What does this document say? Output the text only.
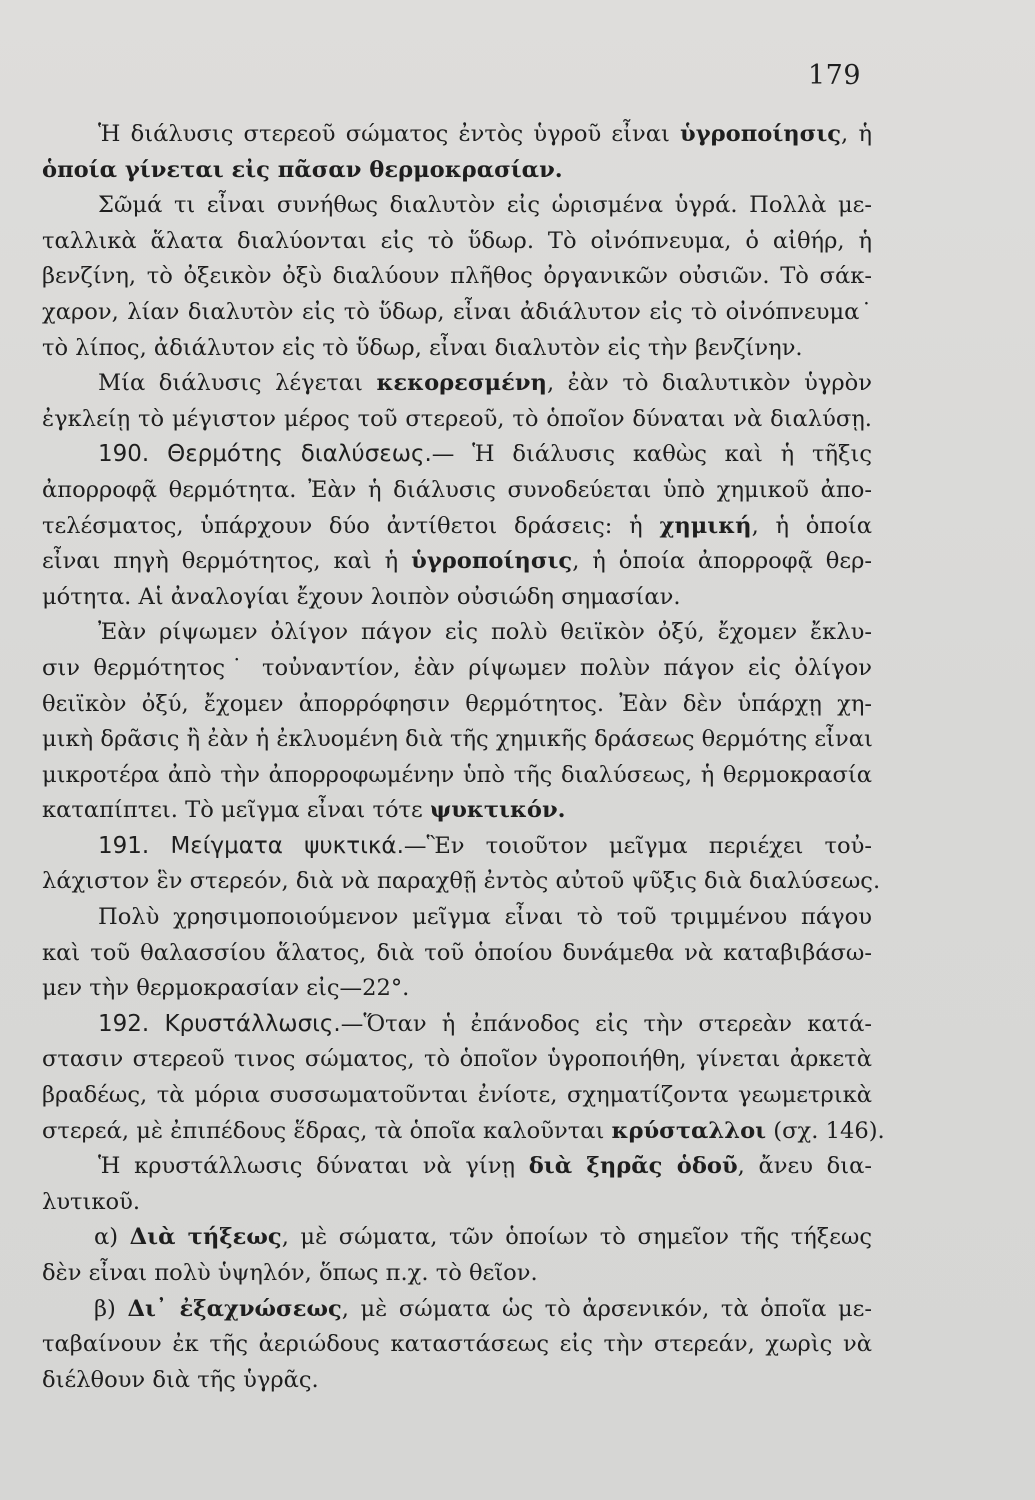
179
Ἡ διάλυσις στερεοῦ σώματος ἐντὸς ὑγροῦ εἶναι ὑγροποίησις, ἡ
ὁποία γίνεται εἰς πᾶσαν θερμοκρασίαν.
Σῶμά τι εἶναι συνήθως διαλυτὸν εἰς ὡρισμένα ὑγρά. Πολλὰ με-
ταλλικὰ ἅλατα διαλύονται εἰς τὸ ὕδωρ. Τὸ οἰνόπνευμα, ὁ αἰθήρ, ἡ
βενζίνη, τὸ ὀξεικὸν ὀξὺ διαλύουν πλῆθος ὀργανικῶν οὐσιῶν. Τὸ σάκ-
χαρον, λίαν διαλυτὸν εἰς τὸ ὕδωρ, εἶναι ἀδιάλυτον εἰς τὸ οἰνόπνευμα˙
τὸ λίπος, ἀδιάλυτον εἰς τὸ ὕδωρ, εἶναι διαλυτὸν εἰς τὴν βενζίνην.
Μία διάλυσις λέγεται κεκορεσμένη, ἐὰν τὸ διαλυτικὸν ὑγρὸν
ἐγκλείῃ τὸ μέγιστον μέρος τοῦ στερεοῦ, τὸ ὁποῖον δύναται νὰ διαλύσῃ.
190. Θερμότης διαλύσεως.— Ἡ διάλυσις καθὼς καὶ ἡ τῆξις
ἀπορροφᾷ θερμότητα. Ἐὰν ἡ διάλυσις συνοδεύεται ὑπὸ χημικοῦ ἀπο-
τελέσματος, ὑπάρχουν δύο ἀντίθετοι δράσεις: ἡ χημική, ἡ ὁποία
εἶναι πηγὴ θερμότητος, καὶ ἡ ὑγροποίησις, ἡ ὁποία ἀπορροφᾷ θερ-
μότητα. Αἱ ἀναλογίαι ἔχουν λοιπὸν οὐσιώδη σημασίαν.
Ἐὰν ρίψωμεν ὀλίγον πάγον εἰς πολὺ θειϊκὸν ὀξύ, ἔχομεν ἔκλυ-
σιν θερμότητος˙ τοὐναντίον, ἐὰν ρίψωμεν πολὺν πάγον εἰς ὀλίγον
θειϊκὸν ὀξύ, ἔχομεν ἀπορρόφησιν θερμότητος. Ἐὰν δὲν ὑπάρχῃ χη-
μικὴ δρᾶσις ἢ ἐὰν ἡ ἐκλυομένη διὰ τῆς χημικῆς δράσεως θερμότης εἶναι
μικροτέρα ἀπὸ τὴν ἀπορροφωμένην ὑπὸ τῆς διαλύσεως, ἡ θερμοκρασία
καταπίπτει. Τὸ μεῖγμα εἶναι τότε ψυκτικόν.
191. Μείγματα ψυκτικά.—Ἓν τοιοῦτον μεῖγμα περιέχει τοὐ-
λάχιστον ἓν στερεόν, διὰ νὰ παραχθῇ ἐντὸς αὐτοῦ ψῦξις διὰ διαλύσεως.
Πολὺ χρησιμοποιούμενον μεῖγμα εἶναι τὸ τοῦ τριμμένου πάγου
καὶ τοῦ θαλασσίου ἅλατος, διὰ τοῦ ὁποίου δυνάμεθα νὰ καταβιβάσω-
μεν τὴν θερμοκρασίαν εἰς—22°.
192. Κρυστάλλωσις.—Ὅταν ἡ ἐπάνοδος εἰς τὴν στερεὰν κατά-
στασιν στερεοῦ τινος σώματος, τὸ ὁποῖον ὑγροποιήθη, γίνεται ἀρκετὰ
βραδέως, τὰ μόρια συσσωματοῦνται ἐνίοτε, σχηματίζοντα γεωμετρικὰ
στερεά, μὲ ἐπιπέδους ἕδρας, τὰ ὁποῖα καλοῦνται κρύσταλλοι (σχ. 146).
Ἡ κρυστάλλωσις δύναται νὰ γίνῃ διὰ ξηρᾶς ὁδοῦ, ἄνευ δια-
λυτικοῦ.
α) Διὰ τήξεως, μὲ σώματα, τῶν ὁποίων τὸ σημεῖον τῆς τήξεως
δὲν εἶναι πολὺ ὑψηλόν, ὅπως π.χ. τὸ θεῖον.
β) Δι᾽ ἐξαχνώσεως, μὲ σώματα ὡς τὸ ἀρσενικόν, τὰ ὁποῖα με-
ταβαίνουν ἐκ τῆς ἀεριώδους καταστάσεως εἰς τὴν στερεάν, χωρὶς νὰ
διέλθουν διὰ τῆς ὑγρᾶς.
